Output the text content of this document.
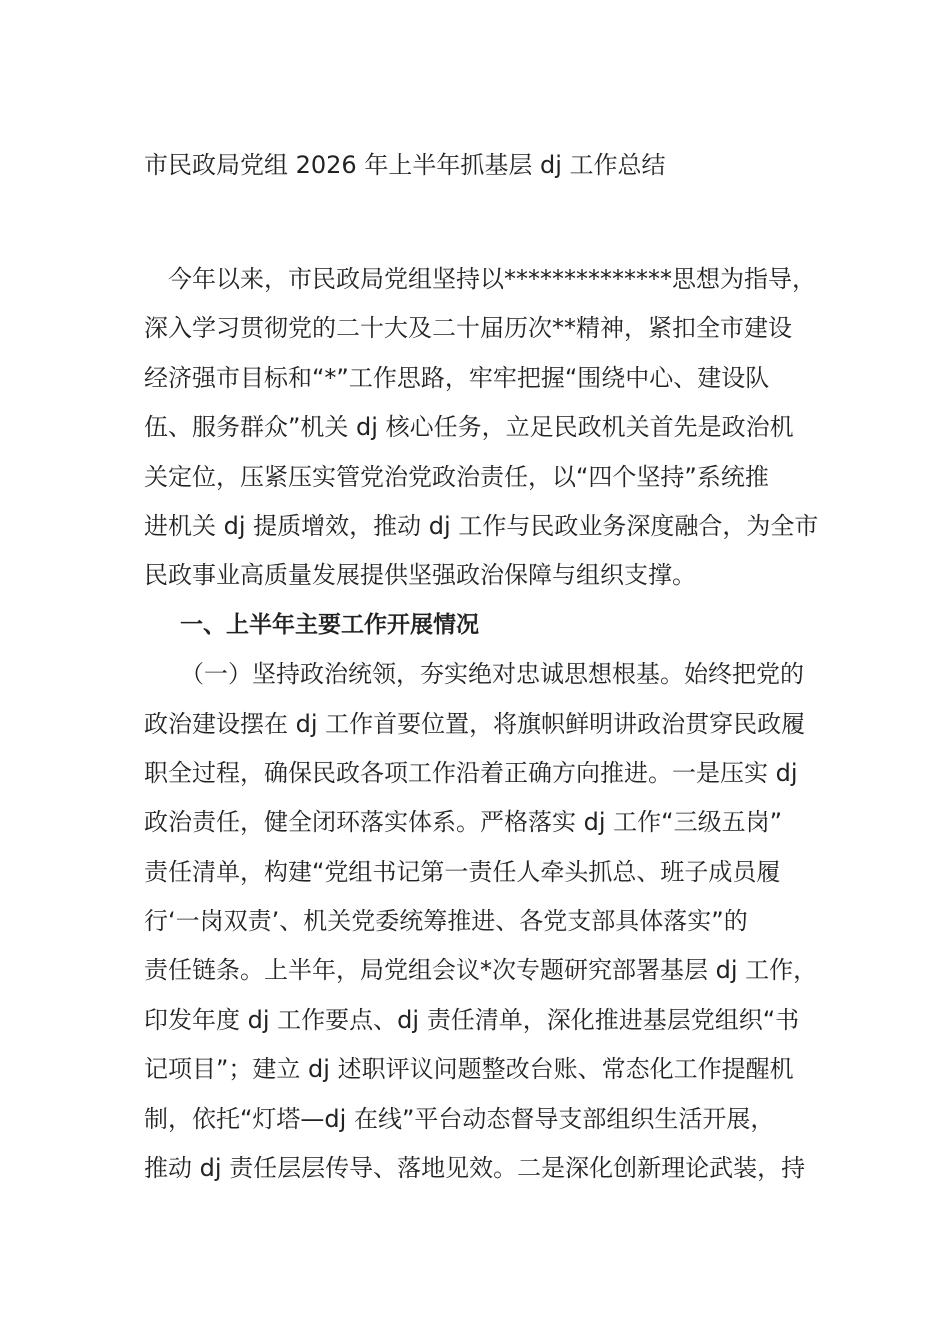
市民政局党组 2026 年上半年抓基层 dj 工作总结
今年以来，市民政局党组坚持以**************思想为指导，
深入学习贯彻党的二十大及二十届历次**精神，紧扣全市建设
经济强市目标和“*”工作思路，牢牢把握“围绕中心、建设队
伍、服务群众”机关 dj 核心任务，立足民政机关首先是政治机
关定位，压紧压实管党治党政治责任，以“四个坚持”系统推
进机关 dj 提质增效，推动 dj 工作与民政业务深度融合，为全市
民政事业高质量发展提供坚强政治保障与组织支撑。
一、上半年主要工作开展情况
（一）坚持政治统领，夯实绝对忠诚思想根基。始终把党的
政治建设摆在 dj 工作首要位置，将旗帜鲜明讲政治贯穿民政履
职全过程，确保民政各项工作沿着正确方向推进。一是压实 dj
政治责任，健全闭环落实体系。严格落实 dj 工作“三级五岗”
责任清单，构建“党组书记第一责任人牵头抓总、班子成员履
行‘一岗双责’、机关党委统筹推进、各党支部具体落实”的
责任链条。上半年，局党组会议*次专题研究部署基层 dj 工作，
印发年度 dj 工作要点、dj 责任清单，深化推进基层党组织“书
记项目”；建立 dj 述职评议问题整改台账、常态化工作提醒机
制，依托“灯塔—dj 在线”平台动态督导支部组织生活开展，
推动 dj 责任层层传导、落地见效。二是深化创新理论武装，持
